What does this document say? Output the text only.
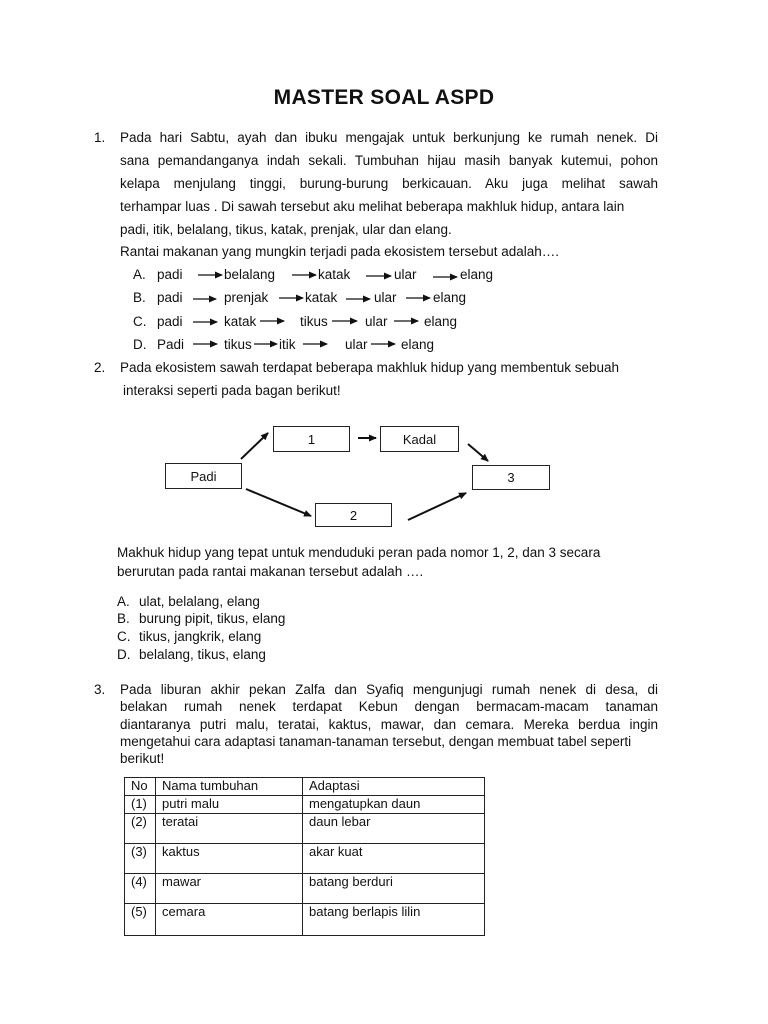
MASTER SOAL ASPD
1. Pada hari Sabtu, ayah dan ibuku mengajak untuk berkunjung ke rumah nenek. Di
sana pemandanganya indah sekali. Tumbuhan hijau masih banyak kutemui, pohon
kelapa menjulang tinggi, burung-burung berkicauan. Aku juga melihat sawah
terhampar luas . Di sawah tersebut aku melihat beberapa makhluk hidup, antara lain
padi, itik, belalang, tikus, katak, prenjak, ular dan elang.
Rantai makanan yang mungkin terjadi pada ekosistem tersebut adalah….
A. padi	belalang	katak	ular	elang
B. padi	prenjak	katak	ular	elang
C. padi	katak	tikus	ular	elang
D. Padi	tikus itik	ular elang
2. Pada ekosistem sawah terdapat beberapa makhluk hidup yang membentuk sebuah
interaksi seperti pada bagan berikut!
Padi
1	Kadal
2
3
Makhuk hidup yang tepat untuk menduduki peran pada nomor 1, 2, dan 3 secara
berurutan pada rantai makanan tersebut adalah ….
A. ulat, belalang, elang
B. burung pipit, tikus, elang
C. tikus, jangkrik, elang
D. belalang, tikus, elang
3. Pada liburan akhir pekan Zalfa dan Syafiq mengunjugi rumah nenek di desa, di
belakan rumah nenek terdapat Kebun dengan bermacam-macam tanaman
diantaranya putri malu, teratai, kaktus, mawar, dan cemara. Mereka berdua ingin
mengetahui cara adaptasi tanaman-tanaman tersebut, dengan membuat tabel seperti
berikut!
No	Nama tumbuhan	Adaptasi
(1)	putri malu	mengatupkan daun
(2)	teratai	daun lebar
(3)	kaktus	akar kuat
(4)	mawar	batang berduri
(5)	cemara	batang berlapis lilin
